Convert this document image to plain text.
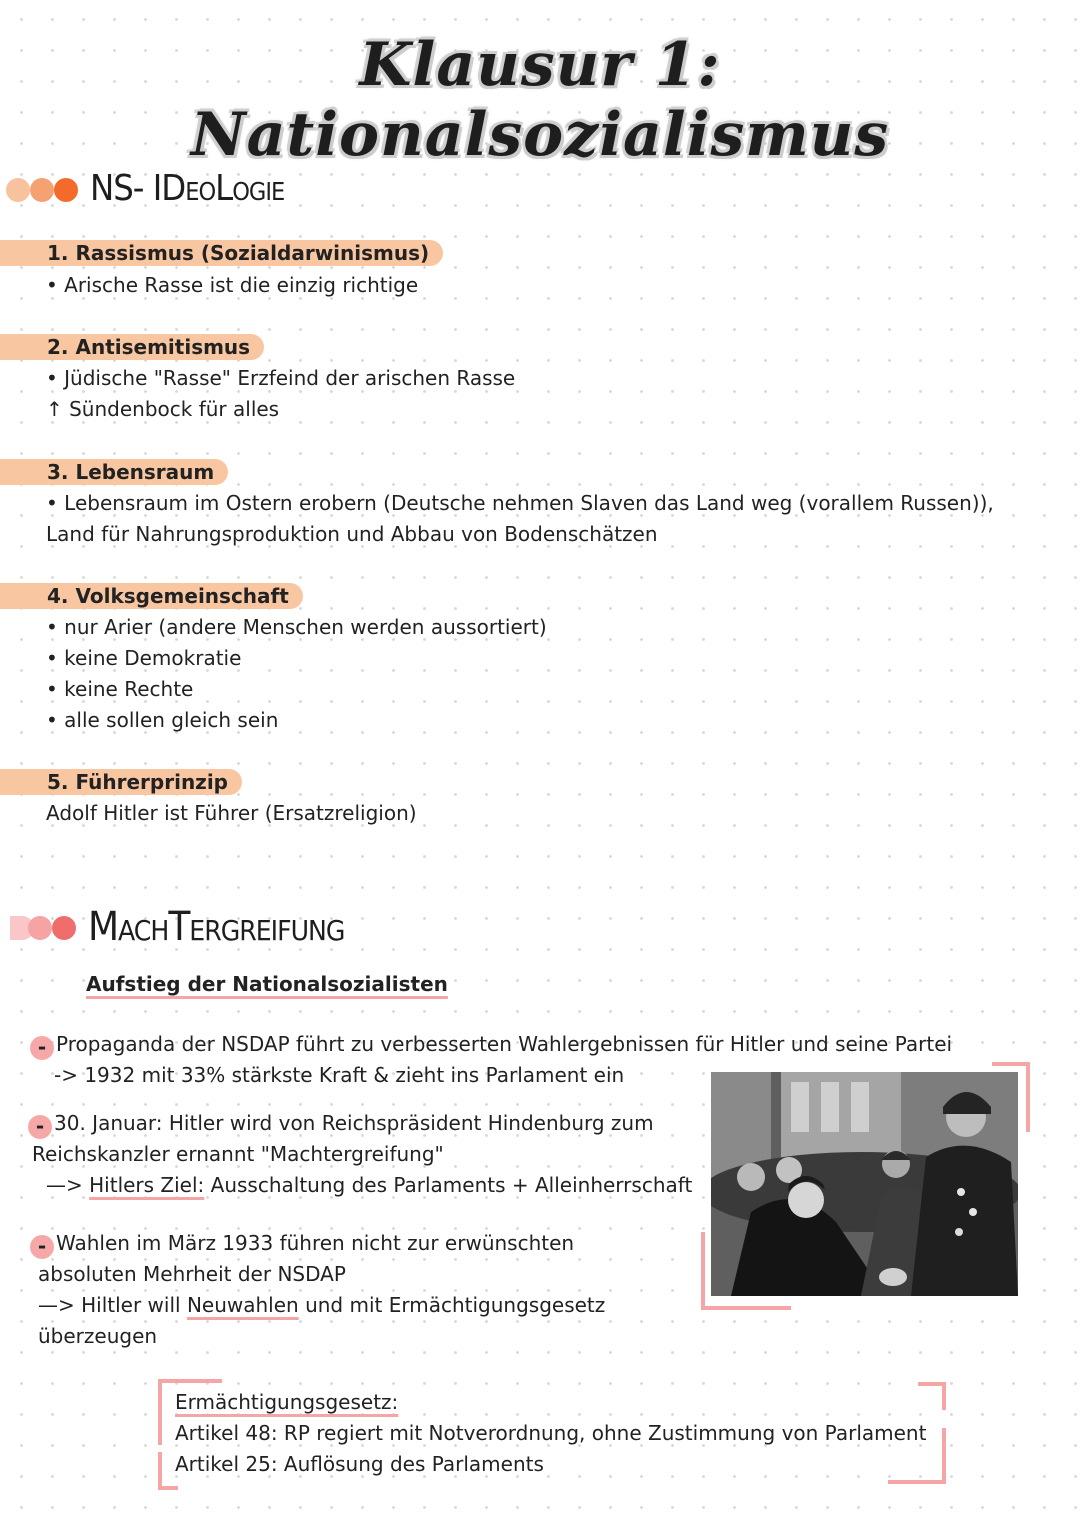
Klausur 1: Nationalsozialismus
NS- IDeoLogie
1. Rassismus (Sozialdarwinismus)
• Arische Rasse ist die einzig richtige
2. Antisemitismus
• Jüdische "Rasse" Erzfeind der arischen Rasse
↑ Sündenbock für alles
3. Lebensraum
• Lebensraum im Ostern erobern (Deutsche nehmen Slaven das Land weg (vorallem Russen)),
Land für Nahrungsproduktion und Abbau von Bodenschätzen
4. Volksgemeinschaft
• nur Arier (andere Menschen werden aussortiert)
• keine Demokratie
• keine Rechte
• alle sollen gleich sein
5. Führerprinzip
Adolf Hitler ist Führer (Ersatzreligion)
MachTergreifung
Aufstieg der Nationalsozialisten
- Propaganda der NSDAP führt zu verbesserten Wahlergebnissen für Hitler und seine Partei
-> 1932 mit 33% stärkste Kraft & zieht ins Parlament ein
- 30. Januar: Hitler wird von Reichspräsident Hindenburg zum
Reichskanzler ernannt "Machtergreifung"
—> Hitlers Ziel: Ausschaltung des Parlaments + Alleinherrschaft
- Wahlen im März 1933 führen nicht zur erwünschten
absoluten Mehrheit der NSDAP
—> Hiltler will Neuwahlen und mit Ermächtigungsgesetz
überzeugen
Ermächtigungsgesetz:
Artikel 48: RP regiert mit Notverordnung, ohne Zustimmung von Parlament
Artikel 25: Auflösung des Parlaments
